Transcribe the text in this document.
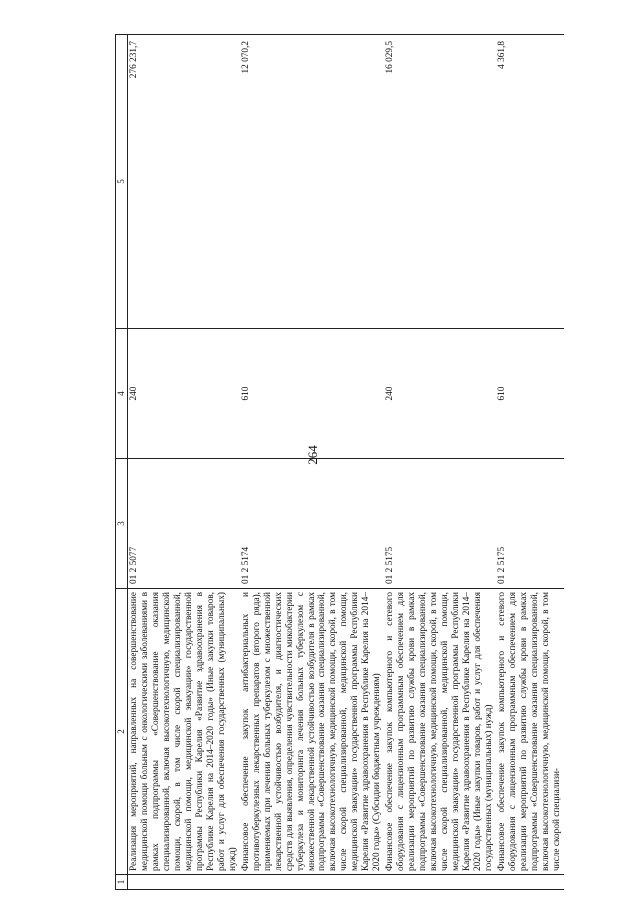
264
1	2	3	4	5
	Реализация мероприятий, направленных на совершенствование медицинской помощи больным с онкологическими заболеваниями в рамках подпрограммы «Совершенствование оказания специализированной, включая высокотехнологичную, медицинской помощи, скорой, в том числе скорой специализированной, медицинской помощи, медицинской эвакуации» государственной программы Республики Карелия «Развитие здравоохранения в Республике Карелия на 2014–2020 годы» (Иные закупки товаров, работ и услуг для обеспечения государственных (муниципальных) нужд)	01 2 5077	240	276 231,7
	Финансовое обеспечение закупок антибактериальных и противотуберкулезных лекарственных препаратов (второго ряда), применяемых при лечении больных туберкулезом с множественной лекарственной устойчивостью возбудителя, и диагностических средств для выявления, определения чувствительности микобактерии туберкулеза и мониторинга лечения больных туберкулезом с множественной лекарственной устойчивостью возбудителя в рамках подпрограммы «Совершенствование оказания специализированной, включая высокотехнологичную, медицинской помощи, скорой, в том числе скорой специализированной, медицинской помощи, медицинской эвакуации» государственной программы Республики Карелия «Развитие здравоохранения в Республике Карелия на 2014–2020 годы» (Субсидии бюджетным учреждениям)	01 2 5174	610	12 070,2
	Финансовое обеспечение закупок компьютерного и сетевого оборудования с лицензионным программным обеспечением для реализации мероприятий по развитию службы крови в рамках подпрограммы «Совершенствование оказания специализированной, включая высокотехнологичную, медицинской помощи, скорой, в том числе скорой специализированной, медицинской помощи, медицинской эвакуации» государственной программы Республики Карелия «Развитие здравоохранения в Республике Карелия на 2014–2020 годы» (Иные закупки товаров, работ и услуг для обеспечения государственных (муниципальных) нужд)	01 2 5175	240	16 029,5
	Финансовое обеспечение закупок компьютерного и сетевого оборудования с лицензионным программным обеспечением для реализации мероприятий по развитию службы крови в рамках подпрограммы «Совершенствование оказания специализированной, включая высокотехнологичную, медицинской помощи, скорой, в том числе скорой специализи-	01 2 5175	610	4 361,8
